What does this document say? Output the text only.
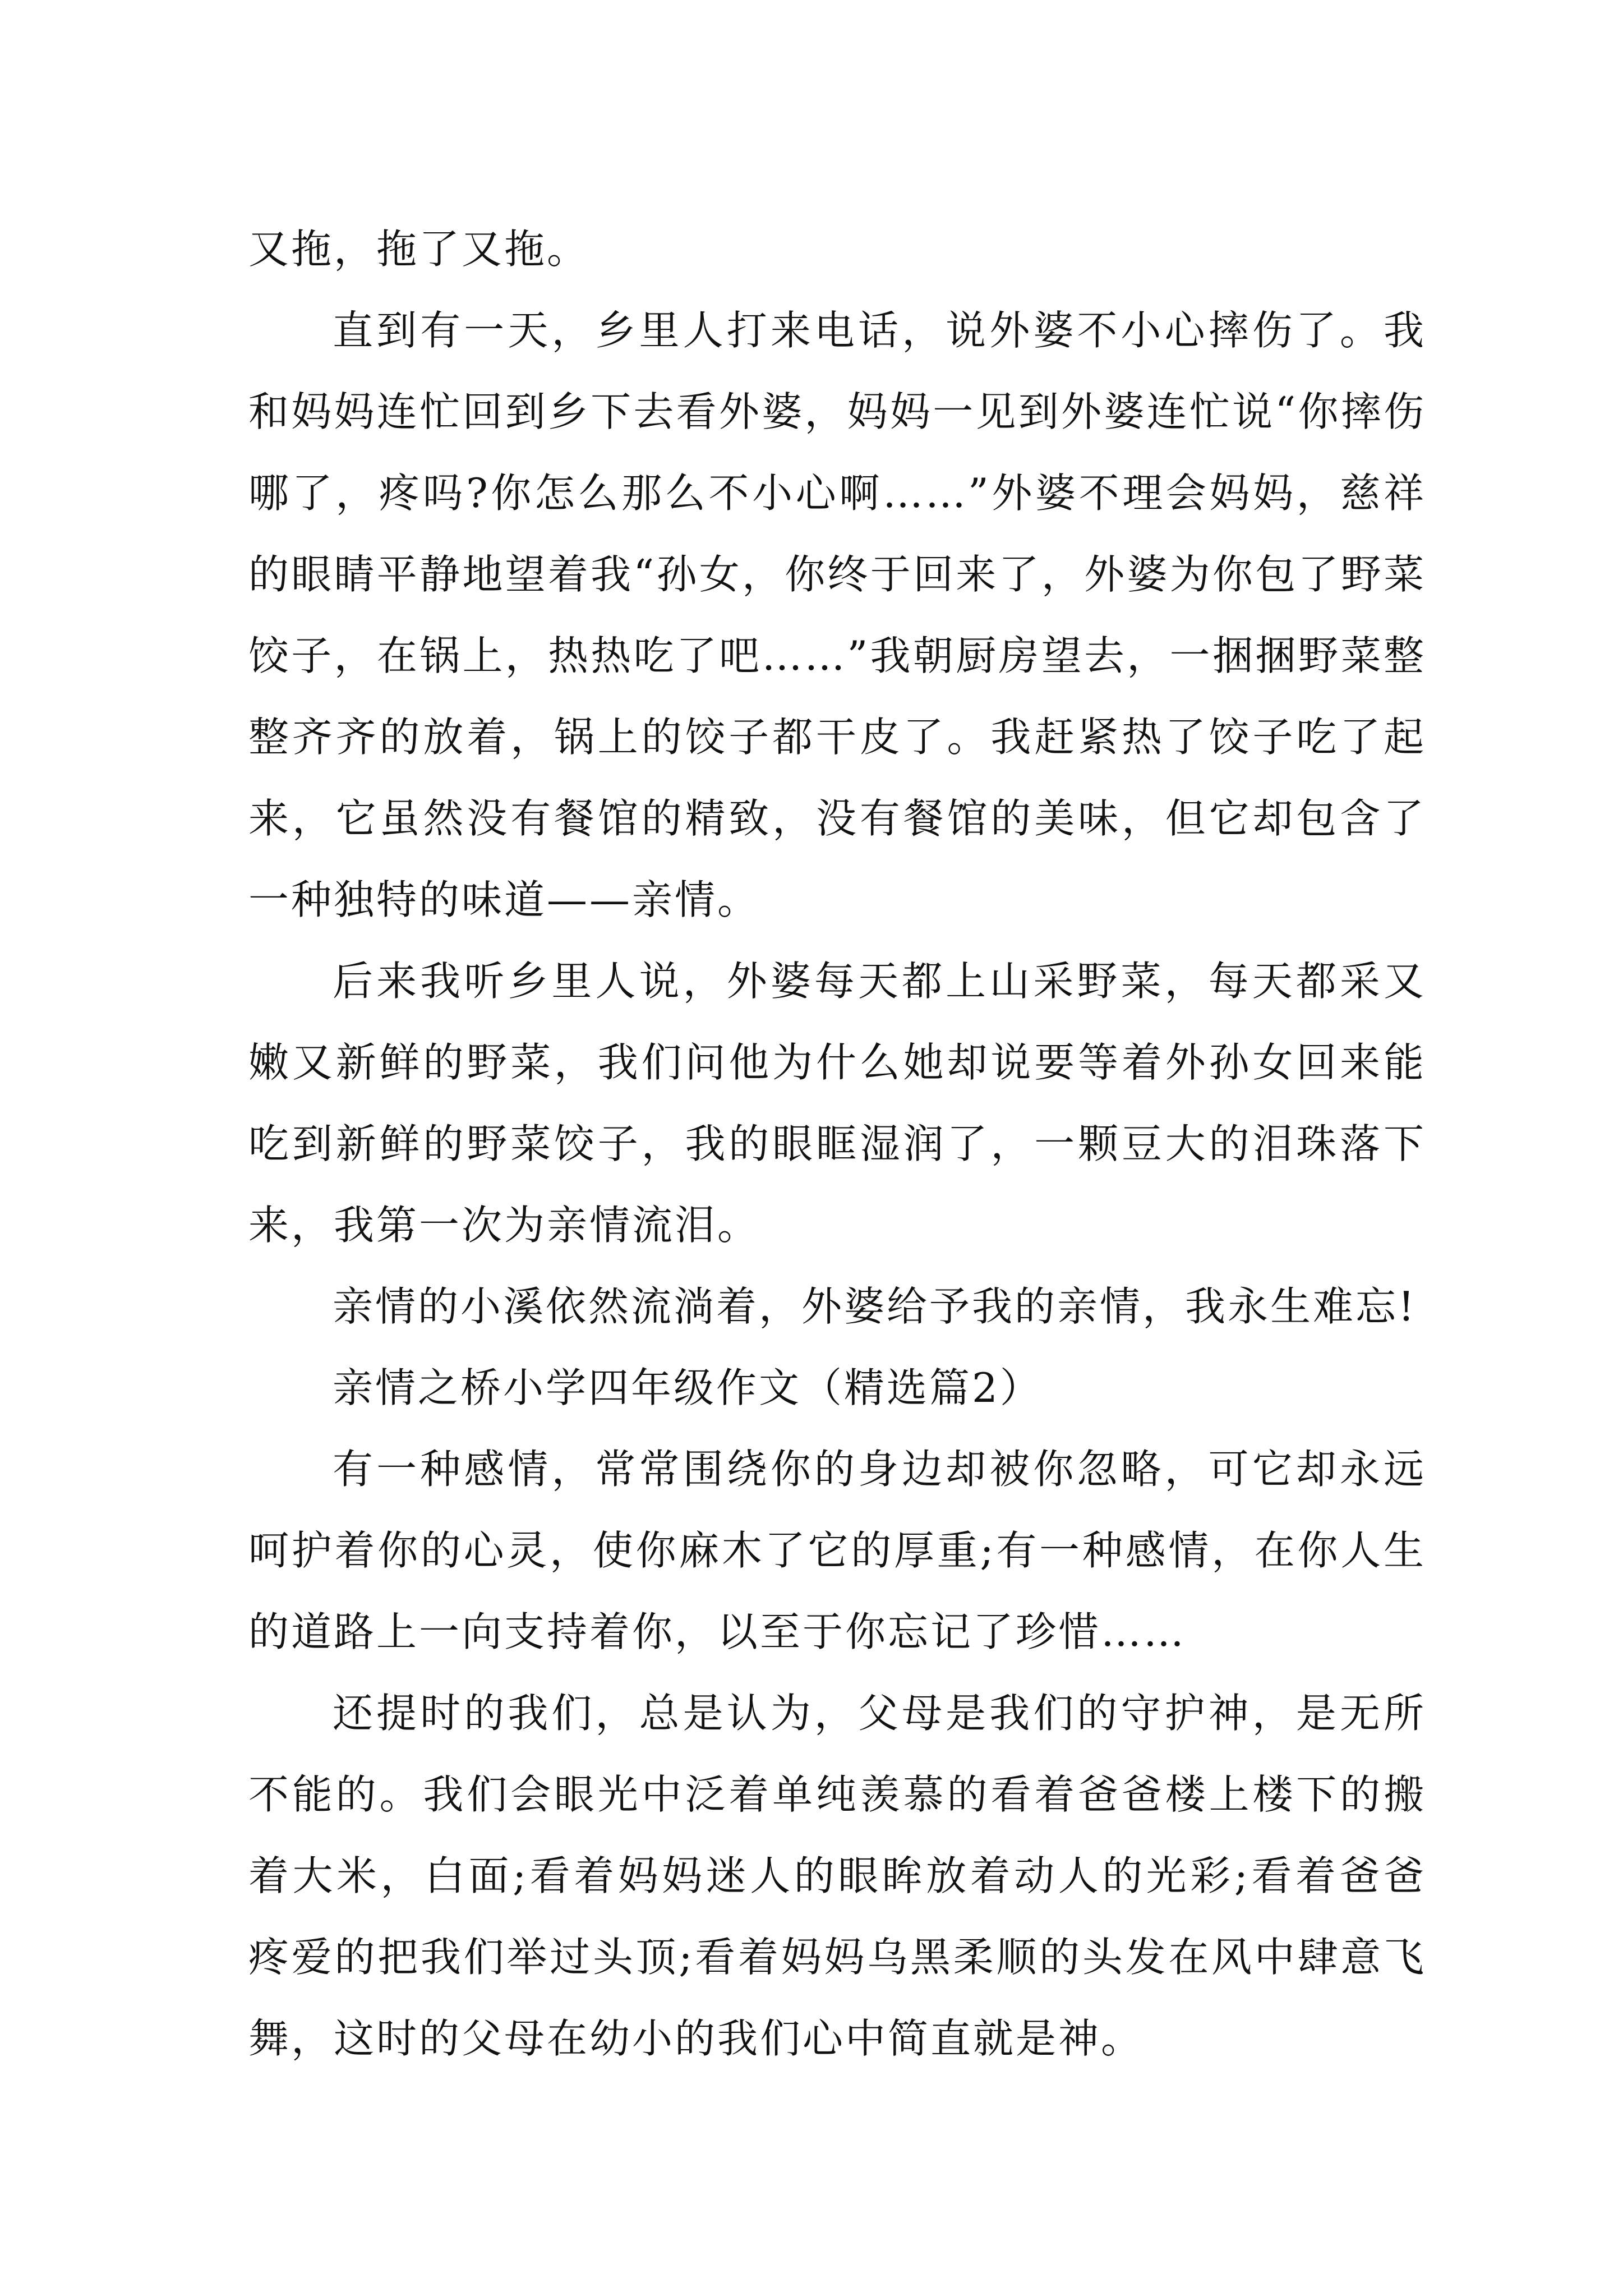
又拖，拖了又拖。

直到有一天，乡里人打来电话，说外婆不小心摔伤了。我和妈妈连忙回到乡下去看外婆，妈妈一见到外婆连忙说“你摔伤哪了，疼吗?你怎么那么不小心啊……”外婆不理会妈妈，慈祥的眼睛平静地望着我“孙女，你终于回来了，外婆为你包了野菜饺子，在锅上，热热吃了吧……”我朝厨房望去，一捆捆野菜整整齐齐的放着，锅上的饺子都干皮了。我赶紧热了饺子吃了起来，它虽然没有餐馆的精致，没有餐馆的美味，但它却包含了一种独特的味道——亲情。

后来我听乡里人说，外婆每天都上山采野菜，每天都采又嫩又新鲜的野菜，我们问他为什么她却说要等着外孙女回来能吃到新鲜的野菜饺子，我的眼眶湿润了，一颗豆大的泪珠落下来，我第一次为亲情流泪。

亲情的小溪依然流淌着，外婆给予我的亲情，我永生难忘!

亲情之桥小学四年级作文（精选篇2）

有一种感情，常常围绕你的身边却被你忽略，可它却永远呵护着你的心灵，使你麻木了它的厚重;有一种感情，在你人生的道路上一向支持着你，以至于你忘记了珍惜……

还提时的我们，总是认为，父母是我们的守护神，是无所不能的。我们会眼光中泛着单纯羡慕的看着爸爸楼上楼下的搬着大米，白面;看着妈妈迷人的眼眸放着动人的光彩;看着爸爸疼爱的把我们举过头顶;看着妈妈乌黑柔顺的头发在风中肆意飞舞，这时的父母在幼小的我们心中简直就是神。
